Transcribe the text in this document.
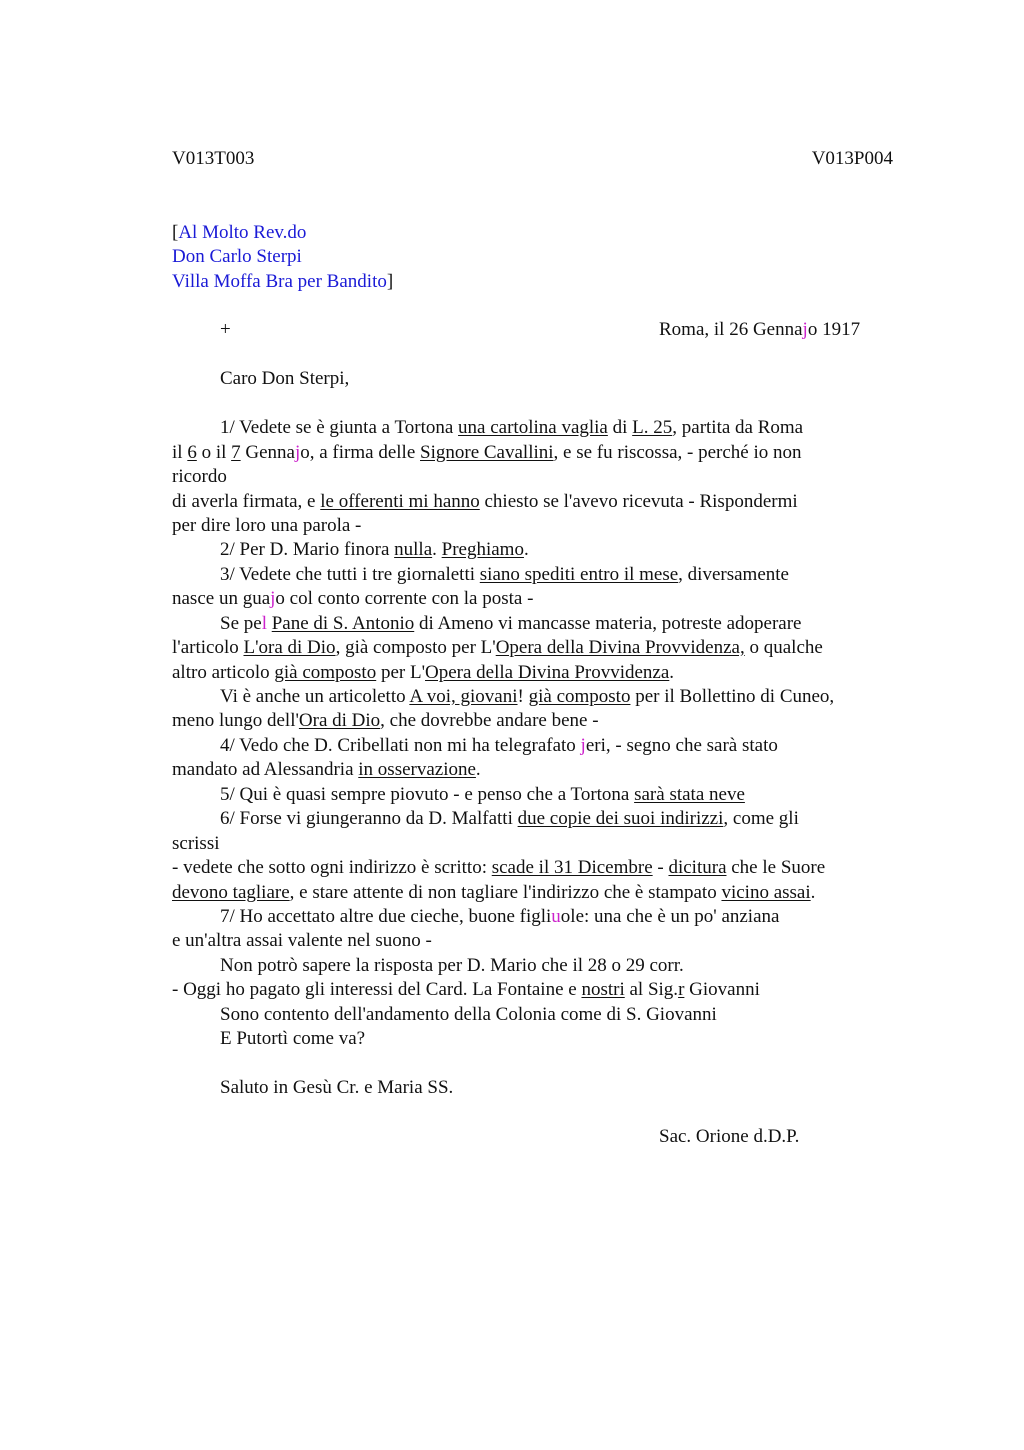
V013T003	V013P004
[Al Molto Rev.do
Don Carlo Sterpi
Villa Moffa Bra per Bandito]
+	Roma, il 26 Gennajo 1917
Caro Don Sterpi,
1/ Vedete se è giunta a Tortona una cartolina vaglia di L. 25, partita da Roma
il 6 o il 7 Gennajo, a firma delle Signore Cavallini, e se fu riscossa, - perché io non
ricordo
di averla firmata, e le offerenti mi hanno chiesto se l'avevo ricevuta - Rispondermi
per dire loro una parola -
2/ Per D. Mario finora nulla. Preghiamo.
3/ Vedete che tutti i tre giornaletti siano spediti entro il mese, diversamente
nasce un guajo col conto corrente con la posta -
Se pel Pane di S. Antonio di Ameno vi mancasse materia, potreste adoperare
l'articolo L'ora di Dio, già composto per L'Opera della Divina Provvidenza, o qualche
altro articolo già composto per L'Opera della Divina Provvidenza.
Vi è anche un articoletto A voi, giovani! già composto per il Bollettino di Cuneo,
meno lungo dell'Ora di Dio, che dovrebbe andare bene -
4/ Vedo che D. Cribellati non mi ha telegrafato jeri, - segno che sarà stato
mandato ad Alessandria in osservazione.
5/ Qui è quasi sempre piovuto - e penso che a Tortona sarà stata neve
6/ Forse vi giungeranno da D. Malfatti due copie dei suoi indirizzi, come gli
scrissi
- vedete che sotto ogni indirizzo è scritto: scade il 31 Dicembre - dicitura che le Suore
devono tagliare, e stare attente di non tagliare l'indirizzo che è stampato vicino assai.
7/ Ho accettato altre due cieche, buone figliuole: una che è un po' anziana
e un'altra assai valente nel suono -
Non potrò sapere la risposta per D. Mario che il 28 o 29 corr.
- Oggi ho pagato gli interessi del Card. La Fontaine e nostri al Sig.r Giovanni
Sono contento dell'andamento della Colonia come di S. Giovanni
E Putortì come va?
Saluto in Gesù Cr. e Maria SS.
Sac. Orione d.D.P.
